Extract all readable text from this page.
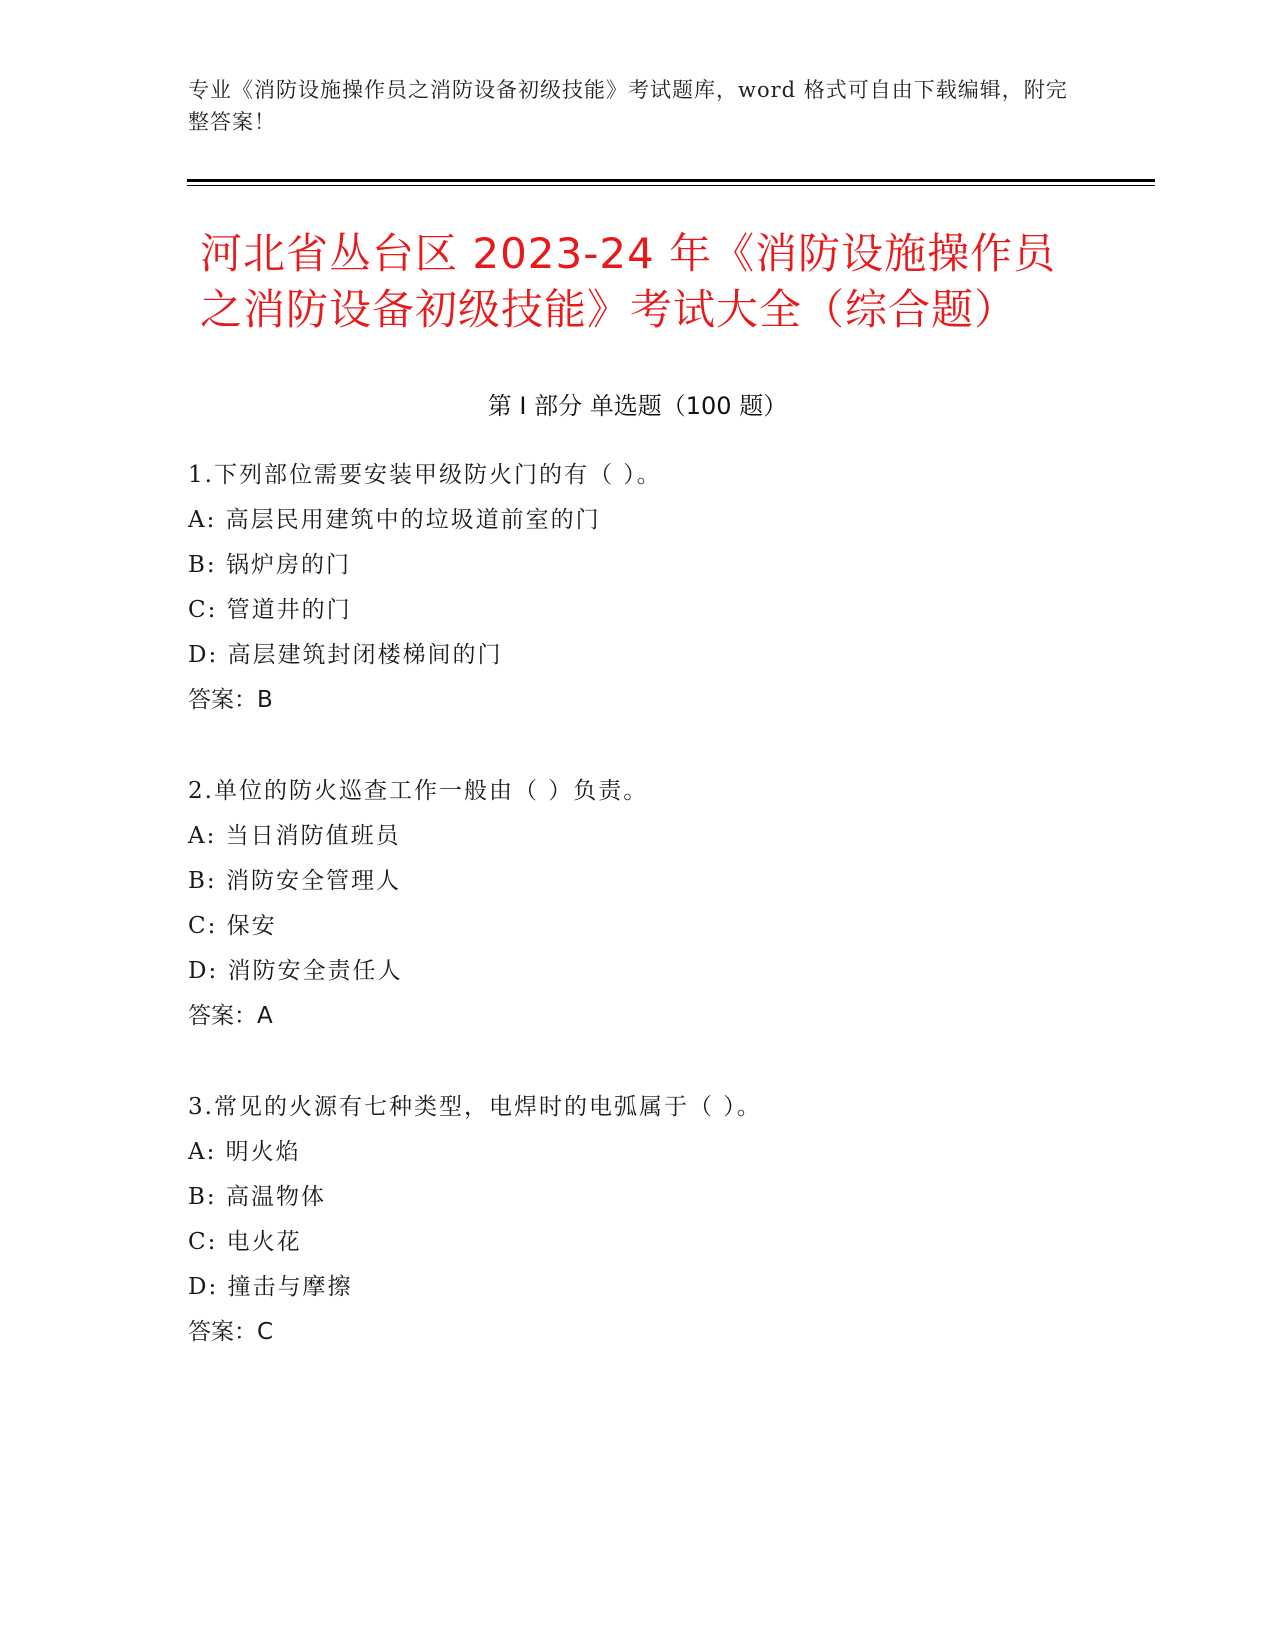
专业《消防设施操作员之消防设备初级技能》考试题库，word 格式可自由下载编辑，附完整答案！
河北省丛台区 2023-24 年《消防设施操作员
之消防设备初级技能》考试大全（综合题）
第 I 部分 单选题（100 题）
1.下列部位需要安装甲级防火门的有（ ）。
A: 高层民用建筑中的垃圾道前室的门
B: 锅炉房的门
C: 管道井的门
D: 高层建筑封闭楼梯间的门
答案：B
2.单位的防火巡查工作一般由（ ）负责。
A: 当日消防值班员
B: 消防安全管理人
C: 保安
D: 消防安全责任人
答案：A
3.常见的火源有七种类型，电焊时的电弧属于（ ）。
A: 明火焰
B: 高温物体
C: 电火花
D: 撞击与摩擦
答案：C
